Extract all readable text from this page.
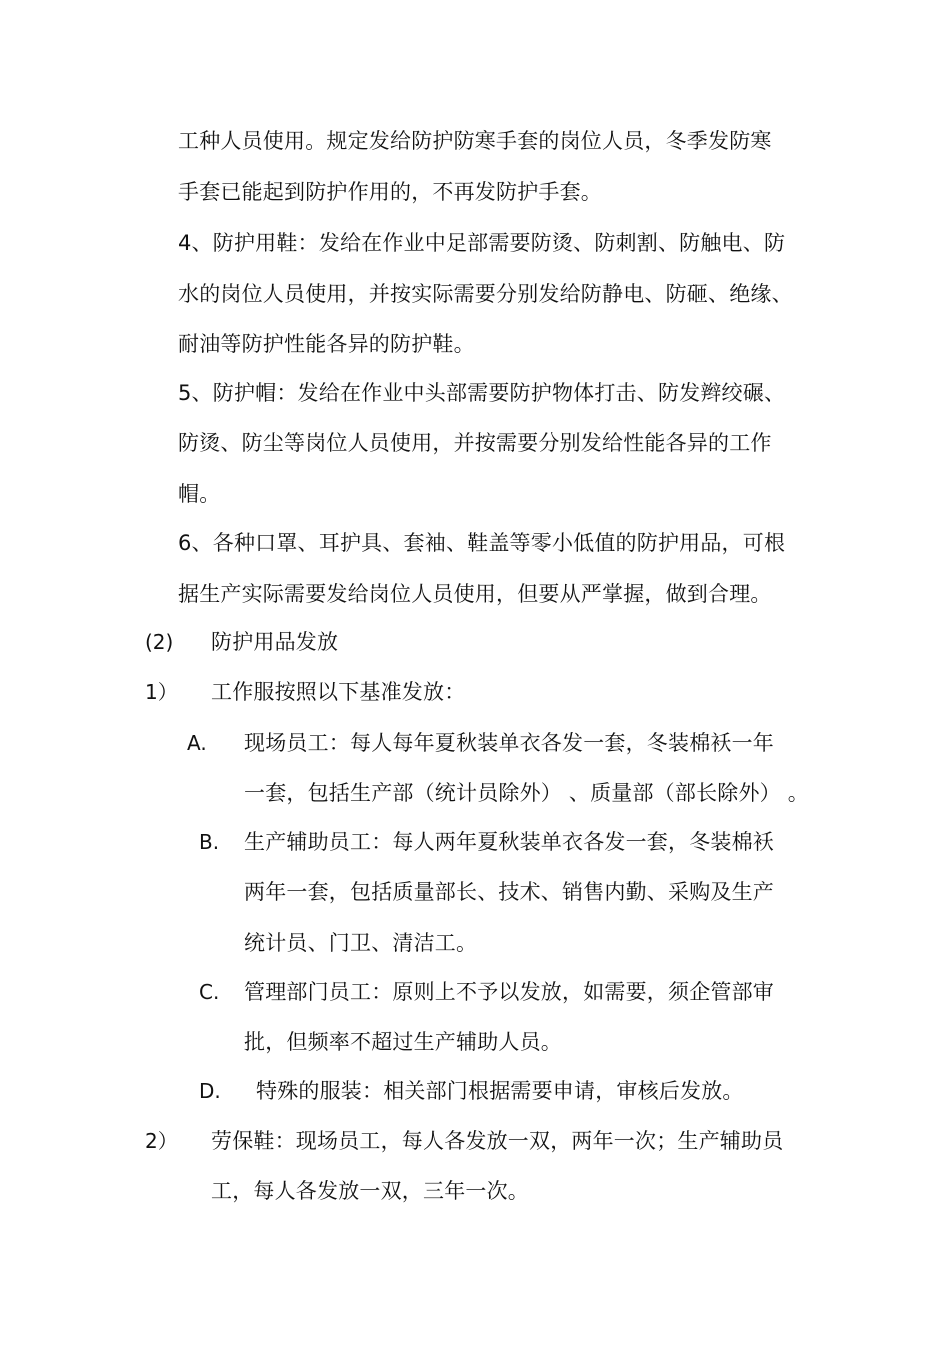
工种人员使用。规定发给防护防寒手套的岗位人员，冬季发防寒
手套已能起到防护作用的，不再发防护手套。
4、防护用鞋：发给在作业中足部需要防烫、防刺割、防触电、防
水的岗位人员使用，并按实际需要分别发给防静电、防砸、绝缘、
耐油等防护性能各异的防护鞋。
5、防护帽：发给在作业中头部需要防护物体打击、防发辫绞碾、
防烫、防尘等岗位人员使用，并按需要分别发给性能各异的工作
帽。
6、各种口罩、耳护具、套袖、鞋盖等零小低值的防护用品，可根
据生产实际需要发给岗位人员使用，但要从严掌握，做到合理。
(2) 防护用品发放
1） 工作服按照以下基准发放：
A. 现场员工：每人每年夏秋装单衣各发一套，冬装棉袄一年
一套，包括生产部（统计员除外） 、质量部（部长除外） 。
B. 生产辅助员工：每人两年夏秋装单衣各发一套，冬装棉袄
两年一套，包括质量部长、技术、销售内勤、采购及生产
统计员、门卫、清洁工。
C. 管理部门员工：原则上不予以发放，如需要，须企管部审
批，但频率不超过生产辅助人员。
D. 特殊的服装：相关部门根据需要申请，审核后发放。
2） 劳保鞋：现场员工，每人各发放一双，两年一次；生产辅助员
工，每人各发放一双，三年一次。
